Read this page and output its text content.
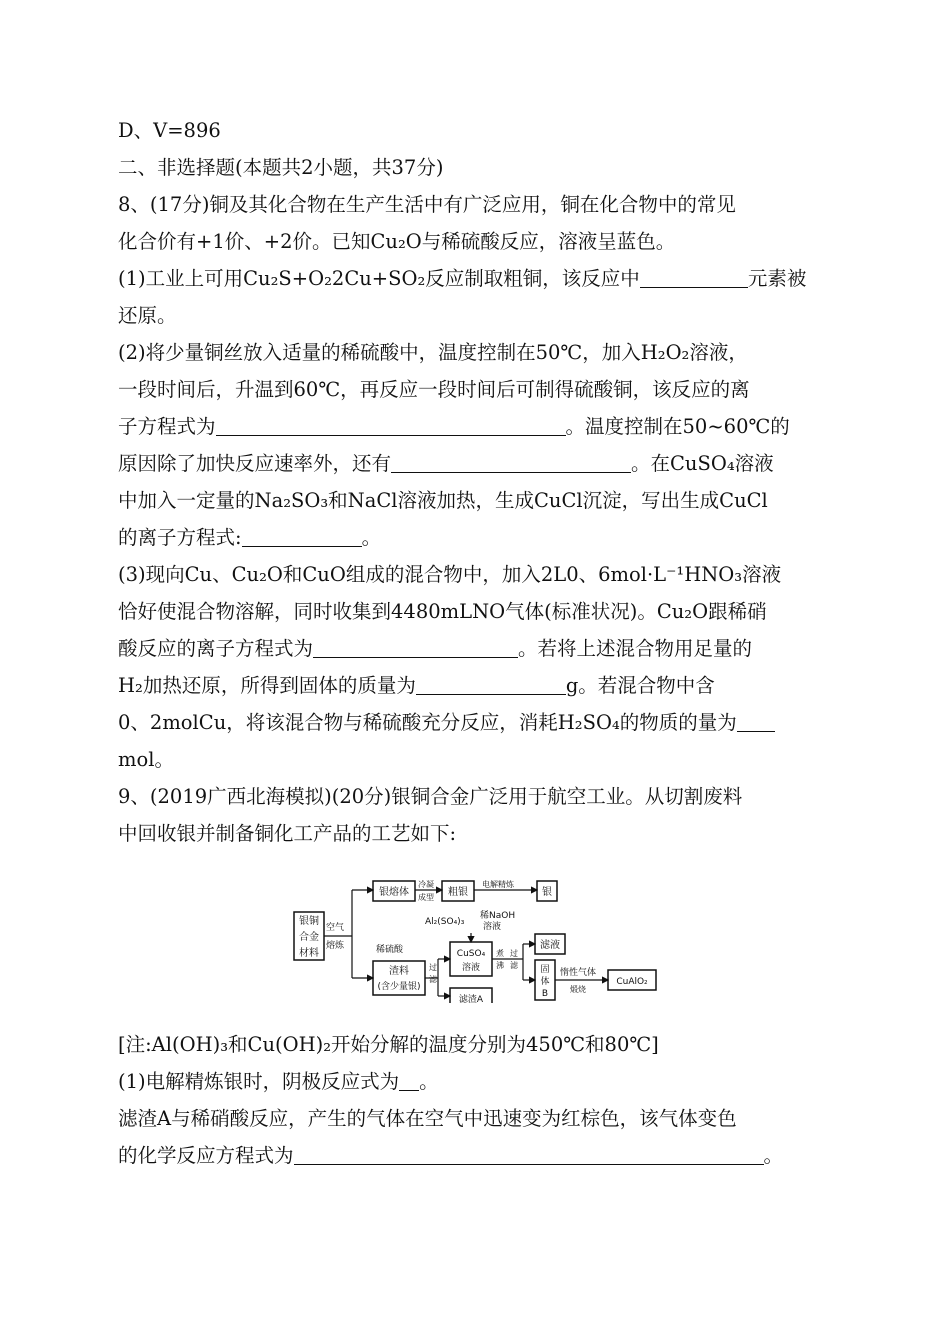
D、V=896
二、非选择题(本题共2小题，共37分)
8、(17分)铜及其化合物在生产生活中有广泛应用，铜在化合物中的常见
化合价有+1价、+2价。已知Cu₂O与稀硫酸反应，溶液呈蓝色。
(1)工业上可用Cu₂S+O₂2Cu+SO₂反应制取粗铜，该反应中	元素被
还原。
(2)将少量铜丝放入适量的稀硫酸中，温度控制在50℃，加入H₂O₂溶液，
一段时间后，升温到60℃，再反应一段时间后可制得硫酸铜，该反应的离
子方程式为	。温度控制在50~60℃的
原因除了加快反应速率外，还有	。在CuSO₄溶液
中加入一定量的Na₂SO₃和NaCl溶液加热，生成CuCl沉淀，写出生成CuCl
的离子方程式:	。
(3)现向Cu、Cu₂O和CuO组成的混合物中，加入2L0、6mol·L⁻¹HNO₃溶液
恰好使混合物溶解，同时收集到4480mLNO气体(标准状况)。Cu₂O跟稀硝
酸反应的离子方程式为	。若将上述混合物用足量的
H₂加热还原，所得到固体的质量为	g。若混合物中含
0、2molCu，将该混合物与稀硫酸充分反应，消耗H₂SO₄的物质的量为
mol。
9、(2019广西北海模拟)(20分)银铜合金广泛用于航空工业。从切割废料
中回收银并制备铜化工产品的工艺如下:
银铜
合金
材料
空气
熔炼
银熔体
冷凝
成型 粗银
电解精炼
银
稀硫酸
渣料
(含少量银)
过
滤
Al₂(SO₄)₃
稀NaOH
溶液
CuSO₄
溶液
煮
沸
过
滤
滤液
固
体
B
滤渣A
惰性气体
煅烧
CuAlO₂
[注:Al(OH)₃和Cu(OH)₂开始分解的温度分别为450℃和80℃]
(1)电解精炼银时，阴极反应式为 。
滤渣A与稀硝酸反应，产生的气体在空气中迅速变为红棕色，该气体变色
的化学反应方程式为	。
